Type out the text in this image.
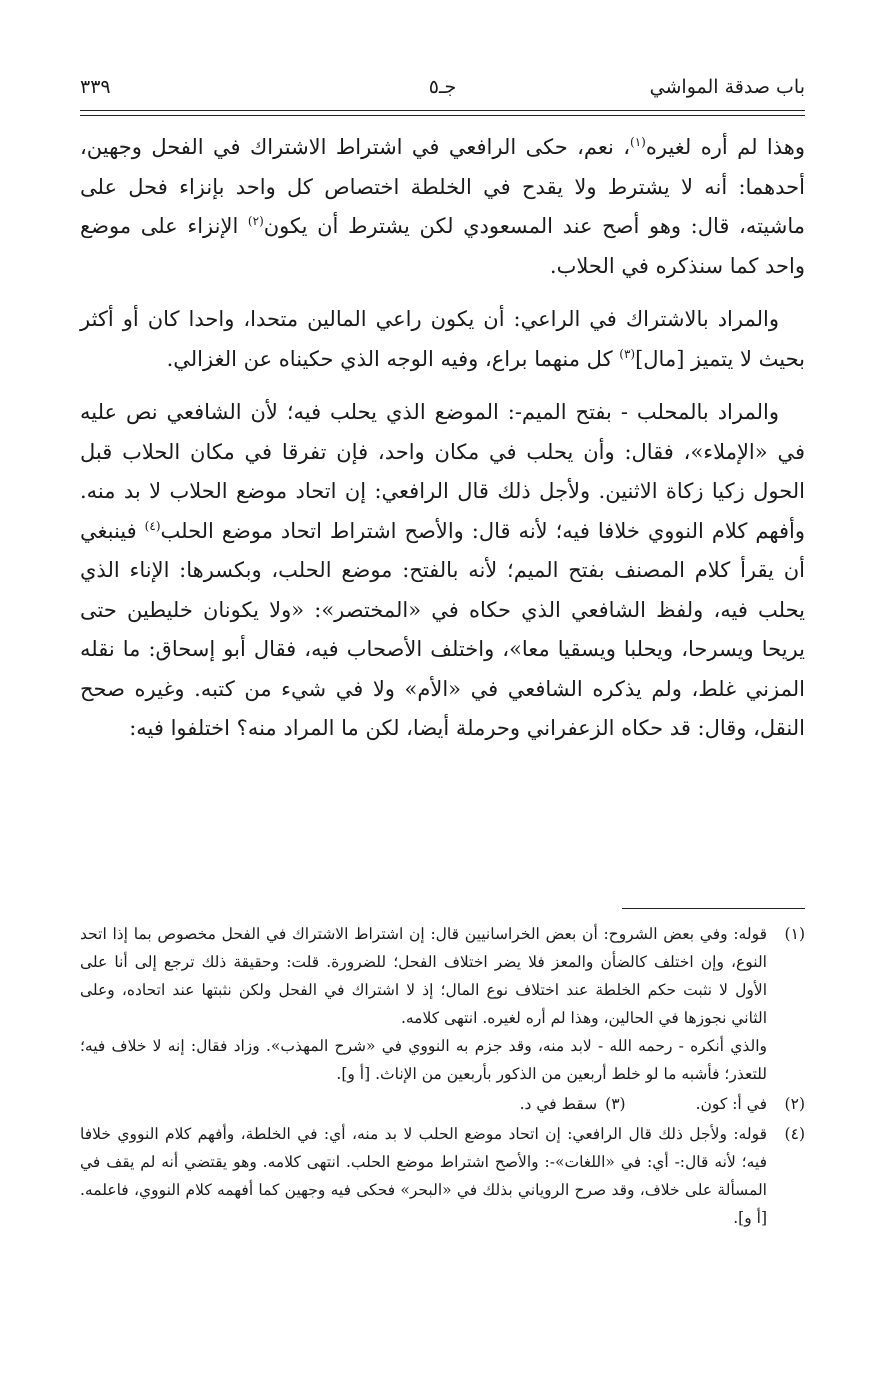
باب صدقة المواشي
جـ٥
٣٣٩

وهذا لم أره لغيره$^{(١)}$، نعم، حكى الرافعي في اشتراط الاشتراك في الفحل وجهين، أحدهما: أنه لا يشترط ولا يقدح في الخلطة اختصاص كل واحد بإنزاء فحل على ماشيته، قال: وهو أصح عند المسعودي لكن يشترط أن يكون$^{(٢)}$ الإنزاء على موضع واحد كما سنذكره في الحلاب.

والمراد بالاشتراك في الراعي: أن يكون راعي المالين متحدا، واحدا كان أو أكثر بحيث لا يتميز [مال]$^{(٣)}$ كل منهما براع، وفيه الوجه الذي حكيناه عن الغزالي.

والمراد بالمحلب - بفتح الميم-: الموضع الذي يحلب فيه؛ لأن الشافعي نص عليه في «الإملاء»، فقال: وأن يحلب في مكان واحد، فإن تفرقا في مكان الحلاب قبل الحول زكيا زكاة الاثنين. ولأجل ذلك قال الرافعي: إن اتحاد موضع الحلاب لا بد منه. وأفهم كلام النووي خلافا فيه؛ لأنه قال: والأصح اشتراط اتحاد موضع الحلب$^{(٤)}$ فينبغي أن يقرأ كلام المصنف بفتح الميم؛ لأنه بالفتح: موضع الحلب، وبكسرها: الإناء الذي يحلب فيه، ولفظ الشافعي الذي حكاه في «المختصر»: «ولا يكونان خليطين حتى يريحا ويسرحا، ويحلبا ويسقيا معا»، واختلف الأصحاب فيه، فقال أبو إسحاق: ما نقله المزني غلط، ولم يذكره الشافعي في «الأم» ولا في شيء من كتبه. وغيره صحح النقل، وقال: قد حكاه الزعفراني وحرملة أيضا، لكن ما المراد منه؟ اختلفوا فيه:

(١)
قوله: وفي بعض الشروح: أن بعض الخراسانيين قال: إن اشتراط الاشتراك في الفحل مخصوص بما إذا اتحد النوع، وإن اختلف كالضأن والمعز فلا يضر اختلاف الفحل؛ للضرورة. قلت: وحقيقة ذلك ترجع إلى أنا على الأول لا نثبت حكم الخلطة عند اختلاف نوع المال؛ إذ لا اشتراك في الفحل ولكن نثبتها عند اتحاده، وعلى الثاني نجوزها في الحالين، وهذا لم أره لغيره. انتهى كلامه.
والذي أنكره - رحمه الله - لابد منه، وقد جزم به النووي في «شرح المهذب». وزاد فقال: إنه لا خلاف فيه؛ للتعذر؛ فأشبه ما لو خلط أربعين من الذكور بأربعين من الإناث. [أ و].
(٢)
في أ: كون.
(٣)
سقط في د.
(٤)
قوله: ولأجل ذلك قال الرافعي: إن اتحاد موضع الحلب لا بد منه، أي: في الخلطة، وأفهم كلام النووي خلافا فيه؛ لأنه قال:- أي: في «اللغات»-: والأصح اشتراط موضع الحلب. انتهى كلامه. وهو يقتضي أنه لم يقف في المسألة على خلاف، وقد صرح الروياني بذلك في «البحر» فحكى فيه وجهين كما أفهمه كلام النووي، فاعلمه. [أ و].
